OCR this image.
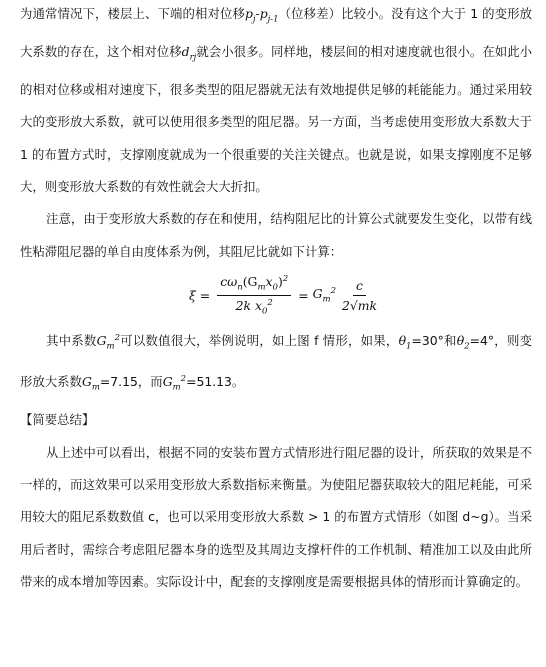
为通常情况下，楼层上、下端的相对位移$p_j-p_{j-1}$（位移差）比较小。没有这个大于 1 的变形放大系数的存在，这个相对位移$d_{rj}$就会小很多。同样地，楼层间的相对速度就也很小。在如此小的相对位移或相对速度下，很多类型的阻尼器就无法有效地提供足够的耗能能力。通过采用较大的变形放大系数，就可以使用很多类型的阻尼器。另一方面，当考虑使用变形放大系数大于 1 的布置方式时，支撑刚度就成为一个很重要的关注关键点。也就是说，如果支撑刚度不足够大，则变形放大系数的有效性就会大大折扣。

注意，由于变形放大系数的存在和使用，结构阻尼比的计算公式就要发生变化，以带有线性粘滞阻尼器的单自由度体系为例，其阻尼比就如下计算：

$\xi = \frac{c\omega_n(G_mx_0)^2}{2k x_0^2} = G_m^2 \frac{c}{2√mk}$

其中系数$G_m^2$可以数值很大，举例说明，如上图 f 情形，如果，$\theta_1=30^\circ$和$\theta_2=4^\circ$，则变形放大系数$G_m=7.15$，而$G_m^2=51.13$。

【简要总结】

从上述中可以看出，根据不同的安装布置方式情形进行阻尼器的设计，所获取的效果是不一样的，而这效果可以采用变形放大系数指标来衡量。为使阻尼器获取较大的阻尼耗能，可采用较大的阻尼系数数值 c，也可以采用变形放大系数 > 1 的布置方式情形（如图 d~g）。当采用后者时，需综合考虑阻尼器本身的选型及其周边支撑杆件的工作机制、精准加工以及由此所带来的成本增加等因素。实际设计中，配套的支撑刚度是需要根据具体的情形而计算确定的。
